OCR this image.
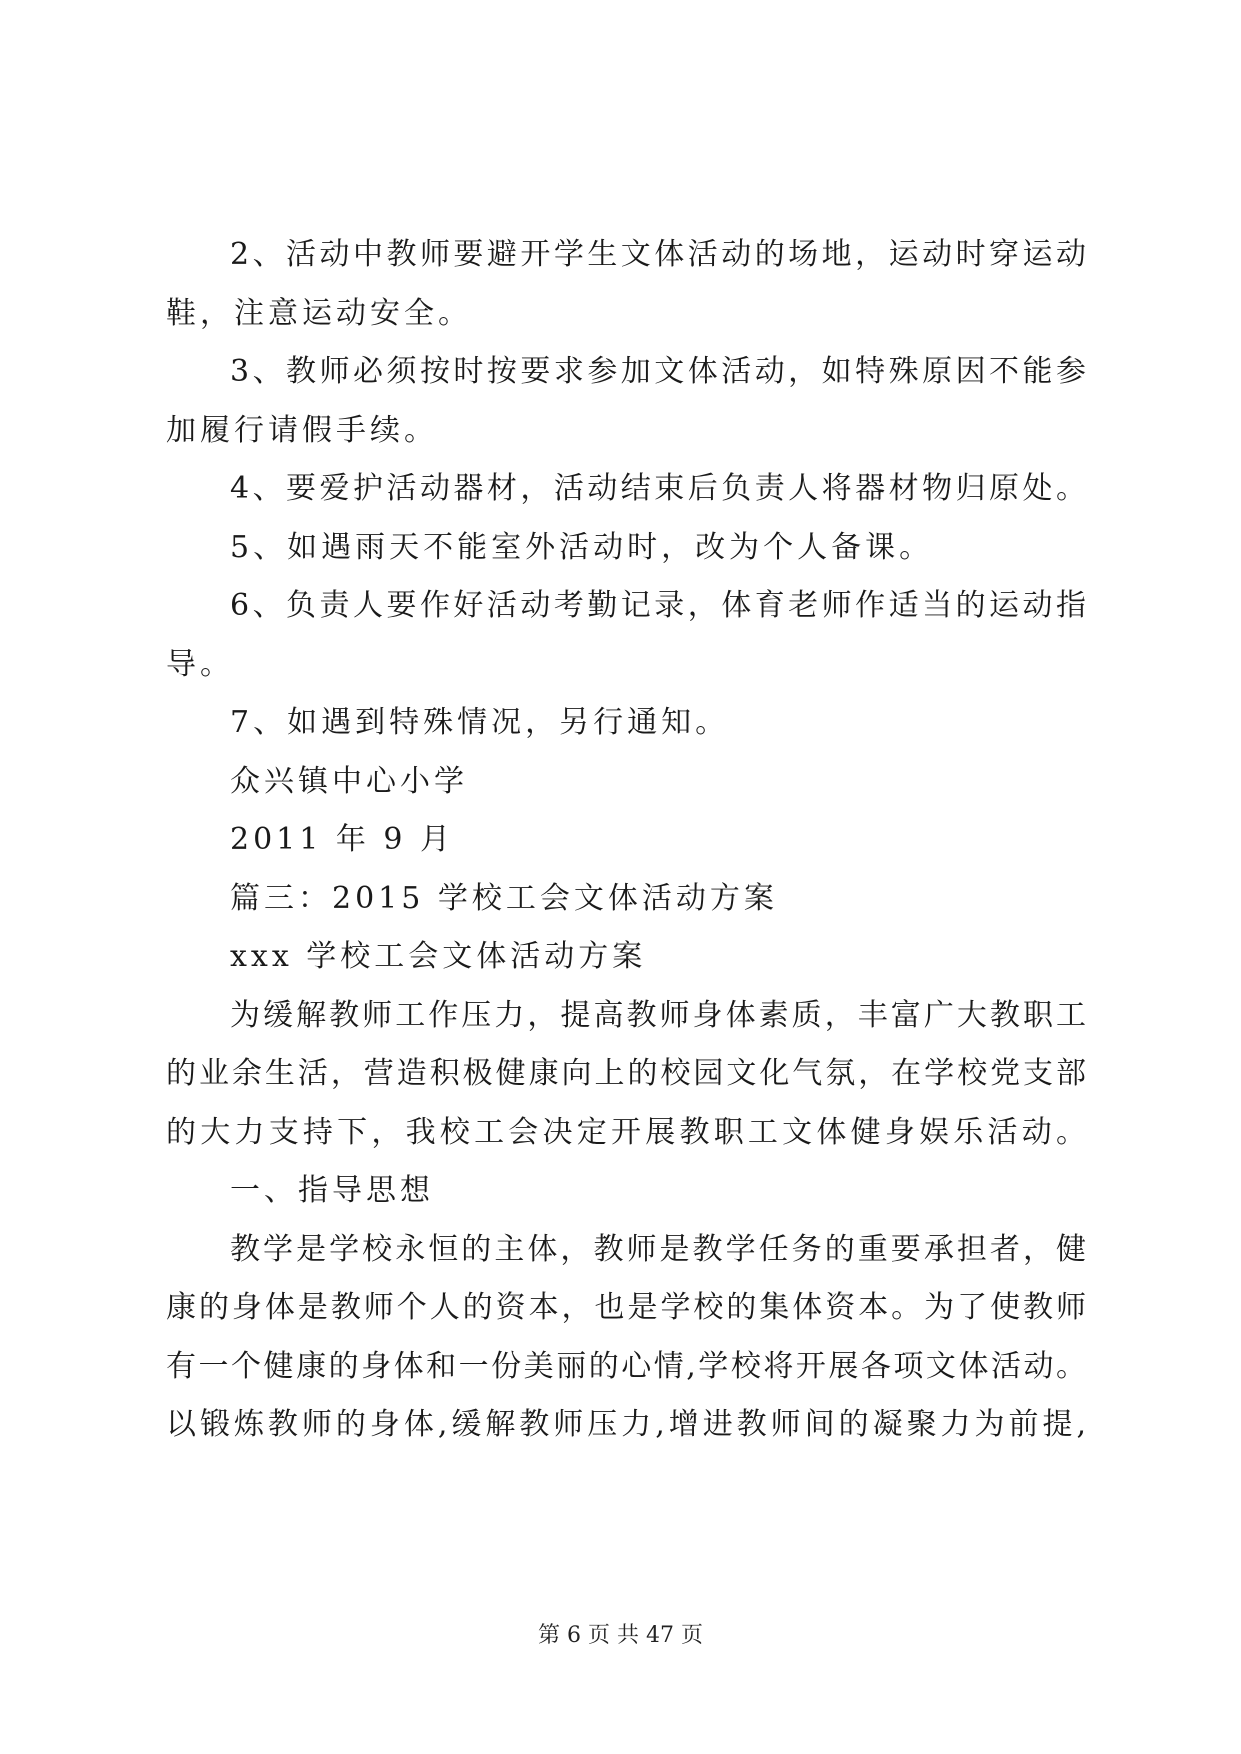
2、活动中教师要避开学生文体活动的场地，运动时穿运动
鞋，注意运动安全。
3、教师必须按时按要求参加文体活动，如特殊原因不能参
加履行请假手续。
4、要爱护活动器材，活动结束后负责人将器材物归原处。
5、如遇雨天不能室外活动时，改为个人备课。
6、负责人要作好活动考勤记录，体育老师作适当的运动指
导。
7、如遇到特殊情况，另行通知。
众兴镇中心小学
2011 年 9 月
篇三：2015 学校工会文体活动方案
xxx 学校工会文体活动方案
为缓解教师工作压力，提高教师身体素质，丰富广大教职工
的业余生活，营造积极健康向上的校园文化气氛，在学校党支部
的大力支持下，我校工会决定开展教职工文体健身娱乐活动。
一、指导思想
教学是学校永恒的主体，教师是教学任务的重要承担者，健
康的身体是教师个人的资本，也是学校的集体资本。为了使教师
有一个健康的身体和一份美丽的心情,学校将开展各项文体活动。
以锻炼教师的身体,缓解教师压力,增进教师间的凝聚力为前提,
第 6 页 共 47 页
